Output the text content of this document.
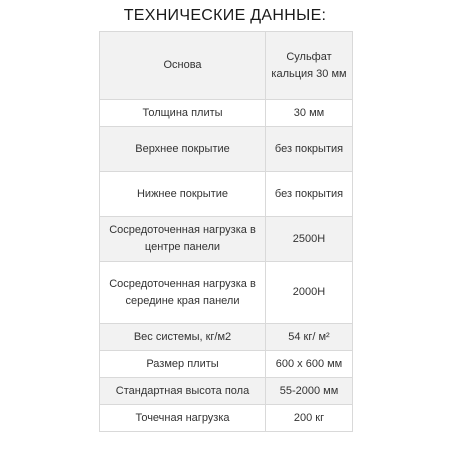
ТЕХНИЧЕСКИЕ ДАННЫЕ:
Основа	Сульфат кальция 30 мм
Толщина плиты	30 мм
Верхнее покрытие	без покрытия
Нижнее покрытие	без покрытия
Сосредоточенная нагрузка в центре панели	2500Н
Сосредоточенная нагрузка в середине края панели	2000Н
Вес системы, кг/м2	54 кг/ м²
Размер плиты	600 х 600 мм
Стандартная высота пола	55-2000 мм
Точечная нагрузка	200 кг
